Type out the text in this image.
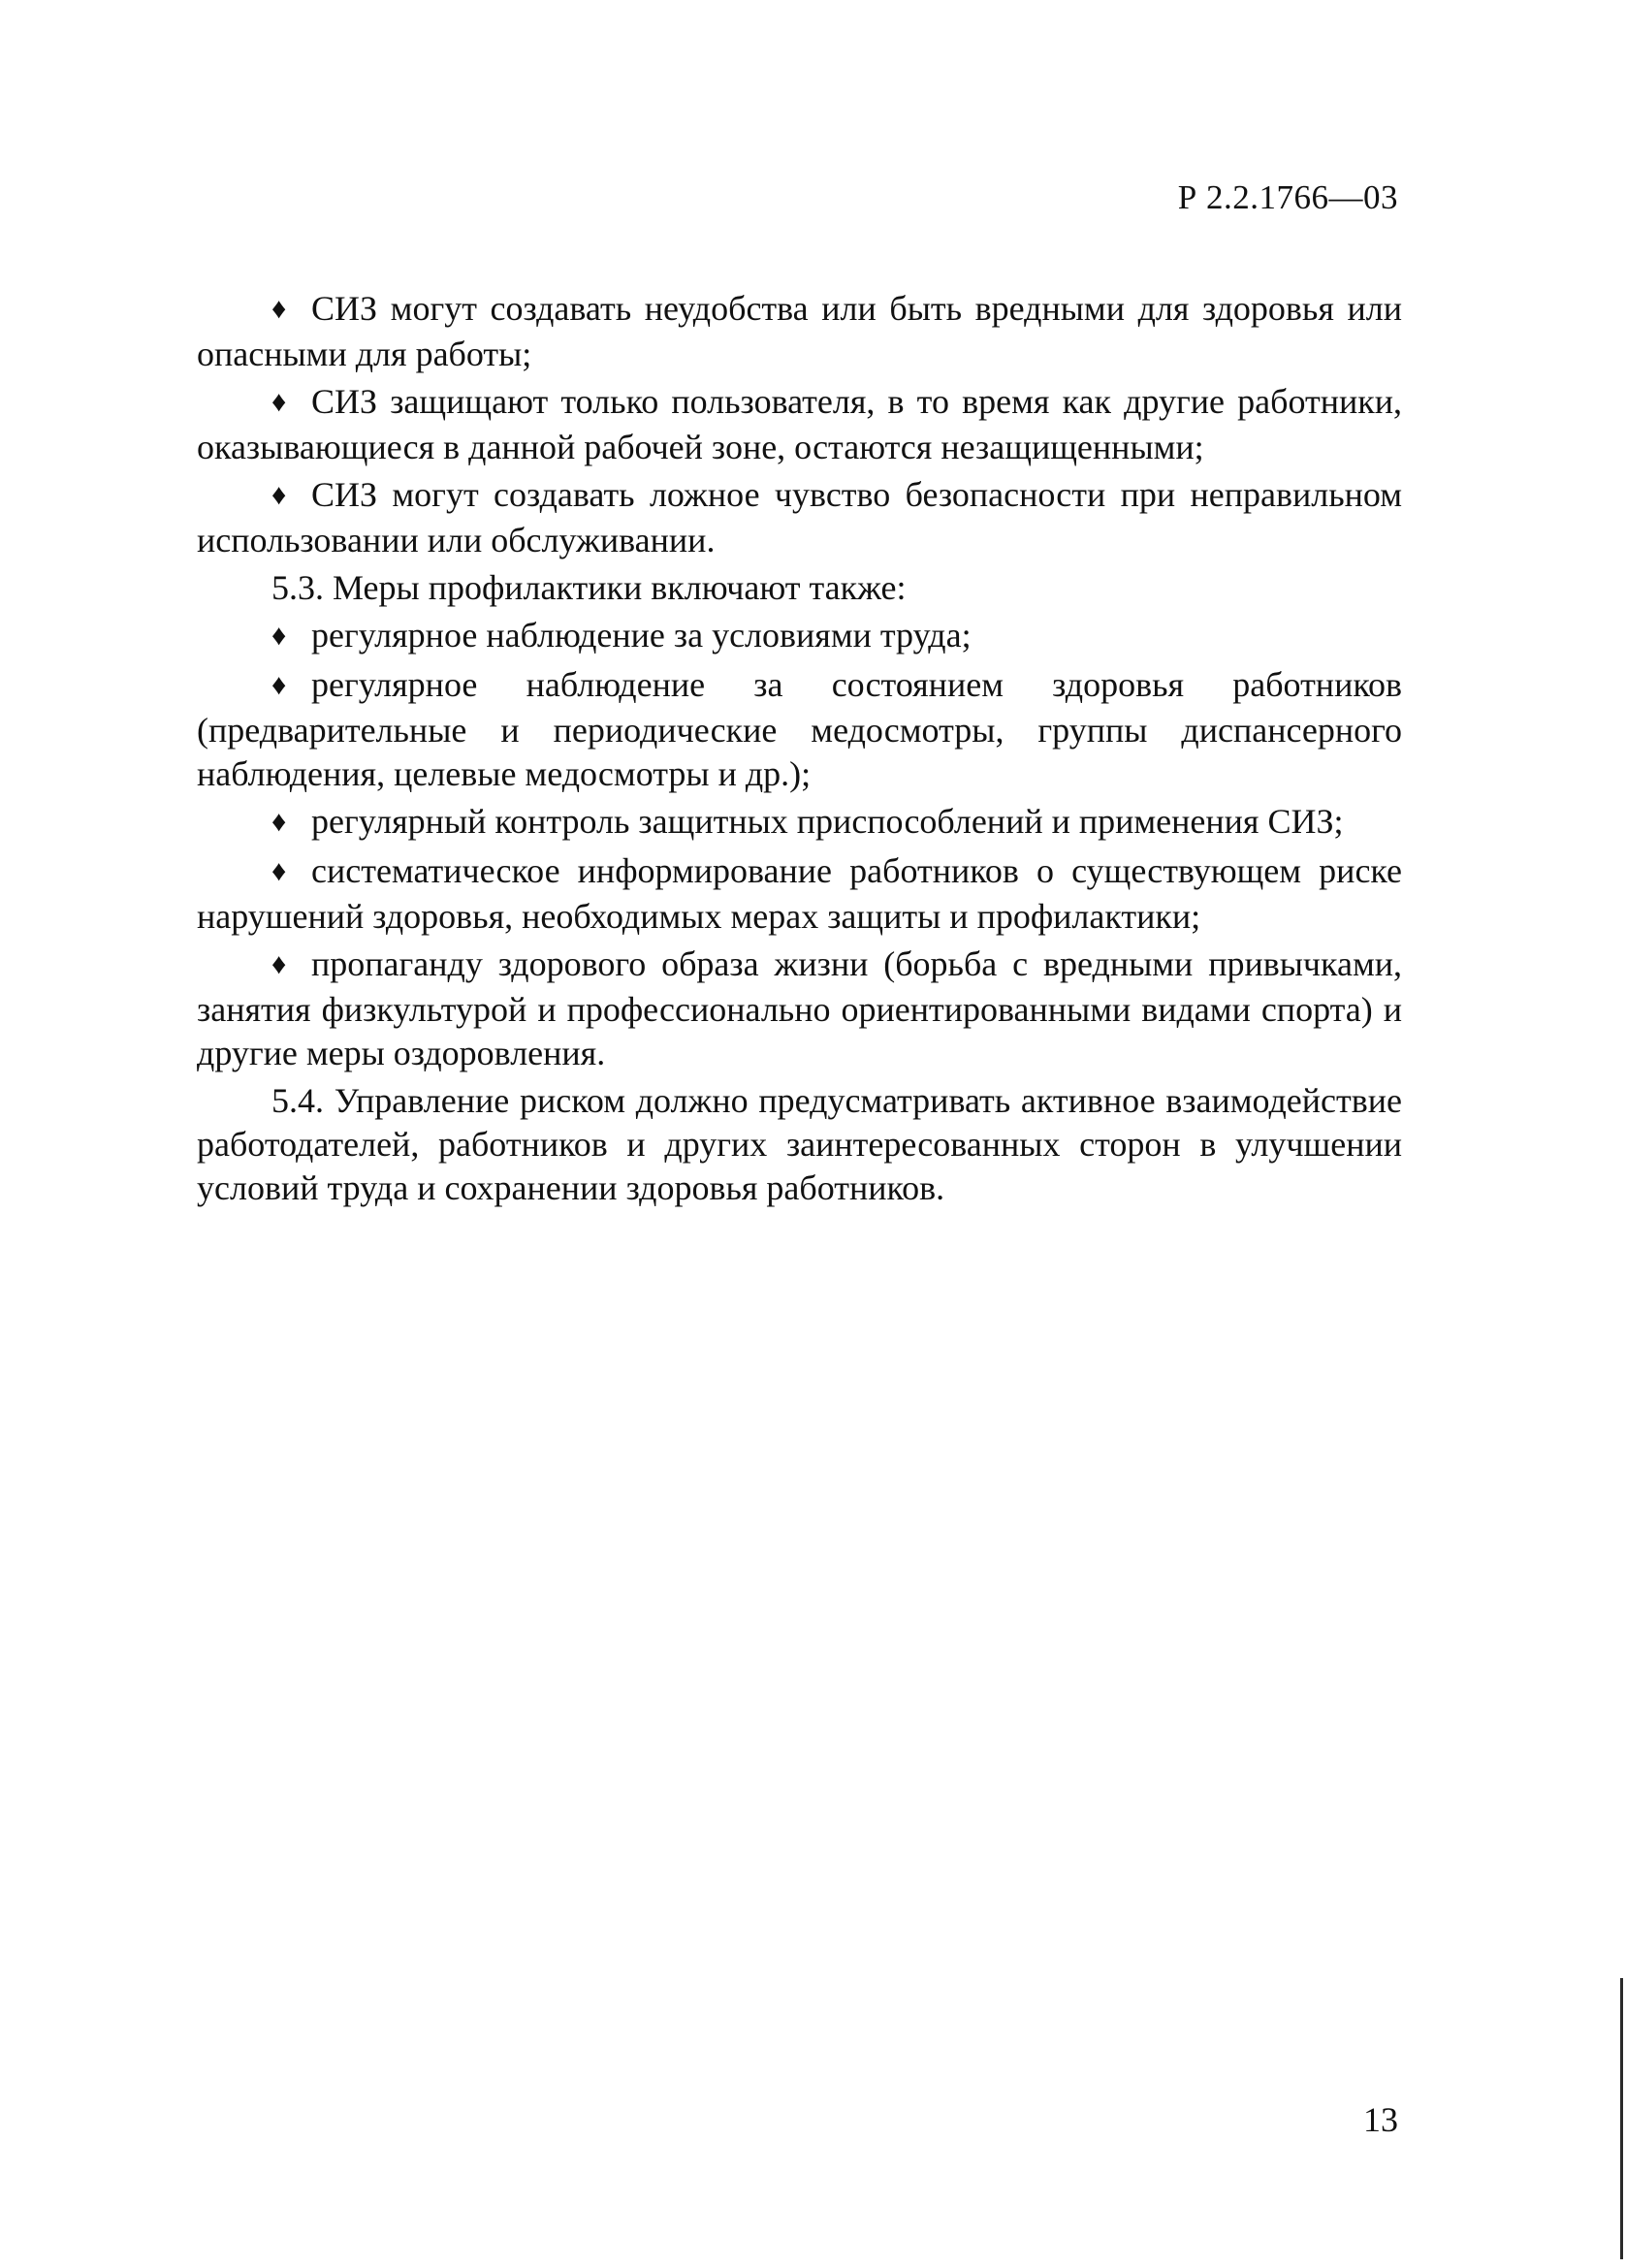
Р 2.2.1766—03

♦ СИЗ могут создавать неудобства или быть вредными для здоровья или опасными для работы;

♦ СИЗ защищают только пользователя, в то время как другие работники, оказывающиеся в данной рабочей зоне, остаются незащищенными;

♦ СИЗ могут создавать ложное чувство безопасности при неправильном использовании или обслуживании.

5.3. Меры профилактики включают также:

♦ регулярное наблюдение за условиями труда;

♦ регулярное наблюдение за состоянием здоровья работников (предварительные и периодические медосмотры, группы диспансерного наблюдения, целевые медосмотры и др.);

♦ регулярный контроль защитных приспособлений и применения СИЗ;

♦ систематическое информирование работников о существующем риске нарушений здоровья, необходимых мерах защиты и профилактики;

♦ пропаганду здорового образа жизни (борьба с вредными привычками, занятия физкультурой и профессионально ориентированными видами спорта) и другие меры оздоровления.

5.4. Управление риском должно предусматривать активное взаимодействие работодателей, работников и других заинтересованных сторон в улучшении условий труда и сохранении здоровья работников.

13
